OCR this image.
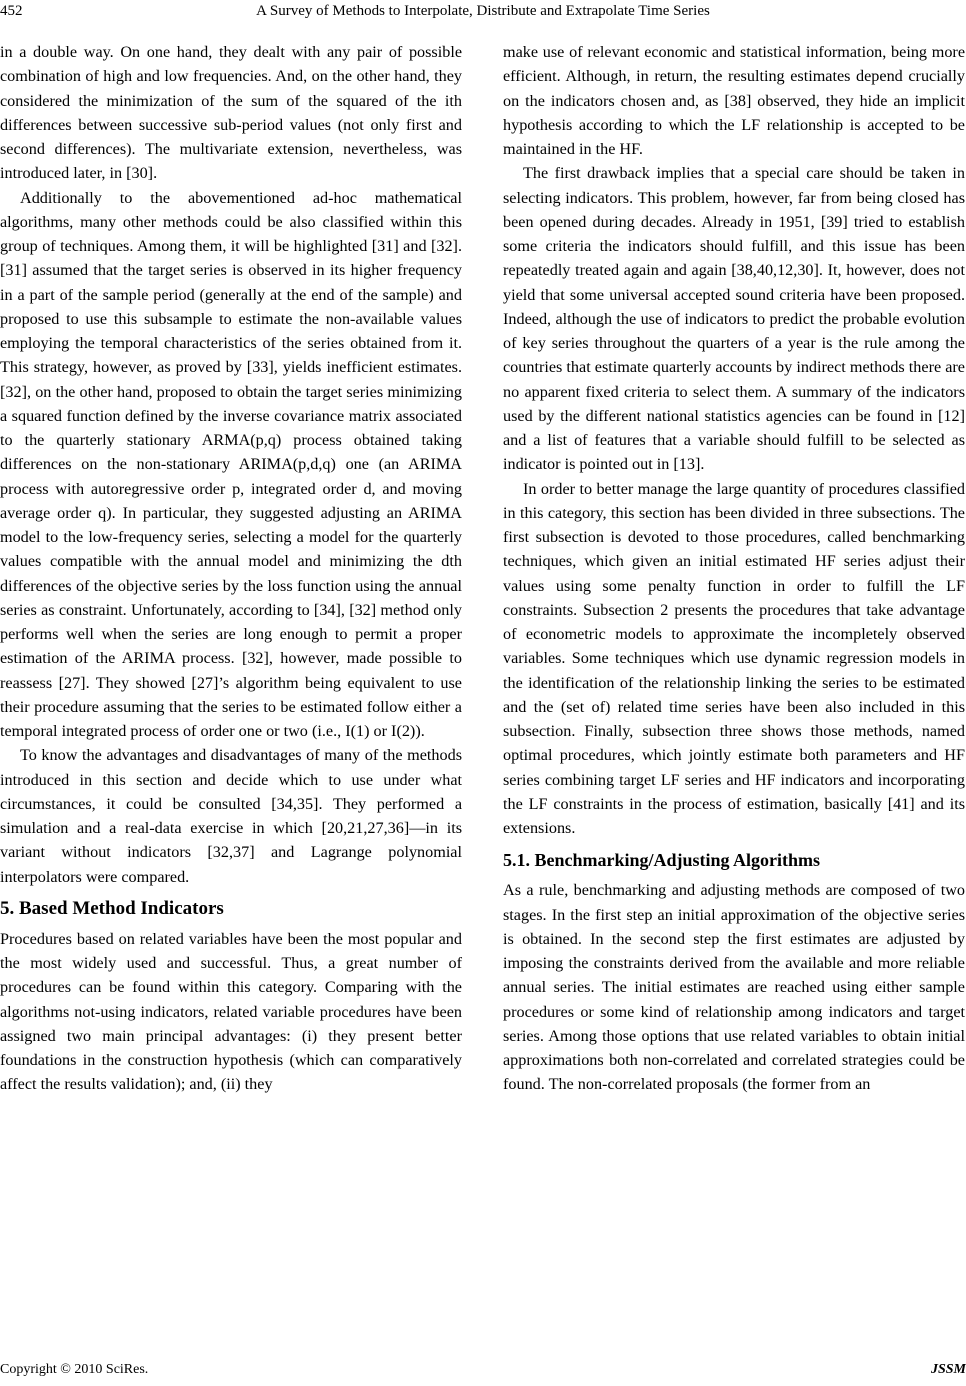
452	A Survey of Methods to Interpolate, Distribute and Extrapolate Time Series

in a double way. On one hand, they dealt with any pair of possible combination of high and low frequencies. And, on the other hand, they considered the minimization of the sum of the squared of the ith differences between successive sub-period values (not only first and second differences). The multivariate extension, nevertheless, was introduced later, in [30].

Additionally to the abovementioned ad-hoc mathematical algorithms, many other methods could be also classified within this group of techniques. Among them, it will be highlighted [31] and [32]. [31] assumed that the target series is observed in its higher frequency in a part of the sample period (generally at the end of the sample) and proposed to use this subsample to estimate the non-available values employing the temporal characteristics of the series obtained from it. This strategy, however, as proved by [33], yields inefficient estimates. [32], on the other hand, proposed to obtain the target series minimizing a squared function defined by the inverse covariance matrix associated to the quarterly stationary ARMA(p,q) process obtained taking differences on the non-stationary ARIMA(p,d,q) one (an ARIMA process with autoregressive order p, integrated order d, and moving average order q). In particular, they suggested adjusting an ARIMA model to the low-frequency series, selecting a model for the quarterly values compatible with the annual model and minimizing the dth differences of the objective series by the loss function using the annual series as constraint. Unfortunately, according to [34], [32] method only performs well when the series are long enough to permit a proper estimation of the ARIMA process. [32], however, made possible to reassess [27]. They showed [27]’s algorithm being equivalent to use their procedure assuming that the series to be estimated follow either a temporal integrated process of order one or two (i.e., I(1) or I(2)).

To know the advantages and disadvantages of many of the methods introduced in this section and decide which to use under what circumstances, it could be consulted [34,35]. They performed a simulation and a real-data exercise in which [20,21,27,36]—in its variant without indicators [32,37] and Lagrange polynomial interpolators were compared.

5. Based Method Indicators

Procedures based on related variables have been the most popular and the most widely used and successful. Thus, a great number of procedures can be found within this category. Comparing with the algorithms not-using indicators, related variable procedures have been assigned two main principal advantages: (i) they present better foundations in the construction hypothesis (which can comparatively affect the results validation); and, (ii) they

make use of relevant economic and statistical information, being more efficient. Although, in return, the resulting estimates depend crucially on the indicators chosen and, as [38] observed, they hide an implicit hypothesis according to which the LF relationship is accepted to be maintained in the HF.

The first drawback implies that a special care should be taken in selecting indicators. This problem, however, far from being closed has been opened during decades. Already in 1951, [39] tried to establish some criteria the indicators should fulfill, and this issue has been repeatedly treated again and again [38,40,12,30]. It, however, does not yield that some universal accepted sound criteria have been proposed. Indeed, although the use of indicators to predict the probable evolution of key series throughout the quarters of a year is the rule among the countries that estimate quarterly accounts by indirect methods there are no apparent fixed criteria to select them. A summary of the indicators used by the different national statistics agencies can be found in [12] and a list of features that a variable should fulfill to be selected as indicator is pointed out in [13].

In order to better manage the large quantity of procedures classified in this category, this section has been divided in three subsections. The first subsection is devoted to those procedures, called benchmarking techniques, which given an initial estimated HF series adjust their values using some penalty function in order to fulfill the LF constraints. Subsection 2 presents the procedures that take advantage of econometric models to approximate the incompletely observed variables. Some techniques which use dynamic regression models in the identification of the relationship linking the series to be estimated and the (set of) related time series have been also included in this subsection. Finally, subsection three shows those methods, named optimal procedures, which jointly estimate both parameters and HF series combining target LF series and HF indicators and incorporating the LF constraints in the process of estimation, basically [41] and its extensions.

5.1. Benchmarking/Adjusting Algorithms

As a rule, benchmarking and adjusting methods are composed of two stages. In the first step an initial approximation of the objective series is obtained. In the second step the first estimates are adjusted by imposing the constraints derived from the available and more reliable annual series. The initial estimates are reached using either sample procedures or some kind of relationship among indicators and target series. Among those options that use related variables to obtain initial approximations both non-correlated and correlated strategies could be found. The non-correlated proposals (the former from an

Copyright © 2010 SciRes.	JSSM
